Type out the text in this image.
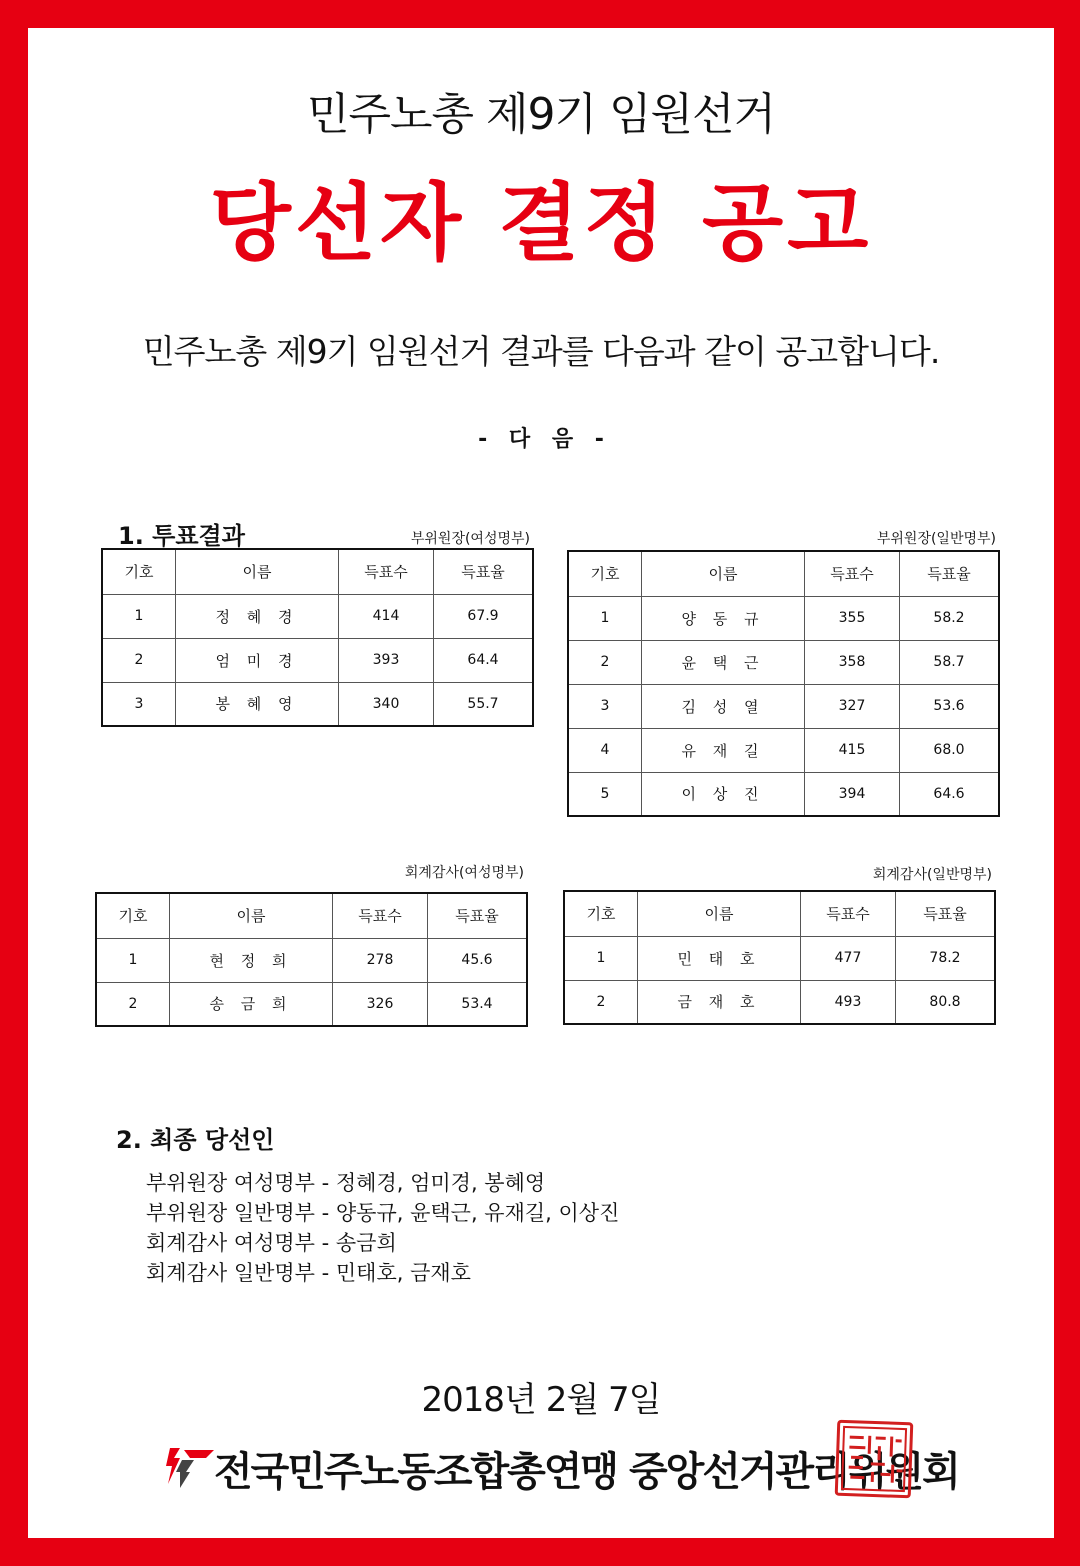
민주노총 제9기 임원선거
당선자 결정 공고
민주노총 제9기 임원선거 결과를 다음과 같이 공고합니다.
- 다 음 -
1. 투표결과	부위원장(여성명부)
기호	이름	득표수	득표율
1	정 혜 경	414	67.9
2	엄 미 경	393	64.4
3	봉 혜 영	340	55.7
부위원장(일반명부)
기호	이름	득표수	득표율
1	양 동 규	355	58.2
2	윤 택 근	358	58.7
3	김 성 열	327	53.6
4	유 재 길	415	68.0
5	이 상 진	394	64.6
회계감사(여성명부)
기호	이름	득표수	득표율
1	현 정 희	278	45.6
2	송 금 희	326	53.4
회계감사(일반명부)
기호	이름	득표수	득표율
1	민 태 호	477	78.2
2	금 재 호	493	80.8
2. 최종 당선인
부위원장 여성명부 - 정혜경, 엄미경, 봉혜영
부위원장 일반명부 - 양동규, 윤택근, 유재길, 이상진
회계감사 여성명부 - 송금희
회계감사 일반명부 - 민태호, 금재호
2018년 2월 7일
전국민주노동조합총연맹 중앙선거관리위원회
